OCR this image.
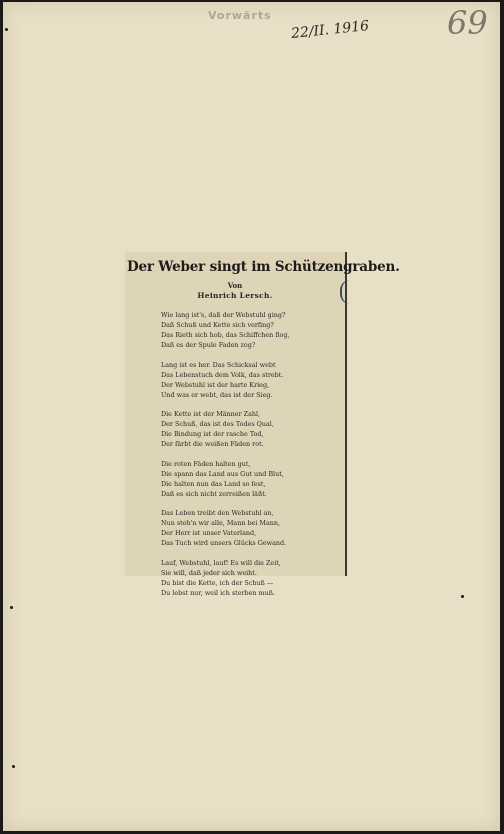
Vorwärts
22/II. 1916 69
Der Weber singt im Schützengraben.
Von
Heinrich Lersch.
Wie lang ist's, daß der Webstuhl ging?
Daß Schuß und Kette sich verfing?
Das Rieth sich hob, das Schiffchen flog,
Daß es der Spule Faden zog?
Lang ist es her. Das Schicksal webt
Das Lebenstuch dem Volk, das strebt.
Der Webstuhl ist der harte Krieg,
Und was er webt, das ist der Sieg.
Die Kette ist der Männer Zahl,
Der Schuß, das ist des Todes Qual,
Die Bindung ist der rasche Tod,
Der färbt die weißen Fäden rot.
Die roten Fäden halten gut,
Die spann das Land aus Gut und Blut,
Die halten nun das Land so fest,
Daß es sich nicht zerreißen läßt.
Das Leben treibt den Webstuhl an,
Nun steh'n wir alle, Mann bei Mann,
Der Herr ist unser Vaterland,
Das Tuch wird unsers Glücks Gewand.
Lauf, Webstuhl, lauf! Es will die Zeit,
Sie will, daß jeder sich weiht.
Du bist die Kette, ich der Schuß —
Du lebst nur, weil ich sterben muß.
